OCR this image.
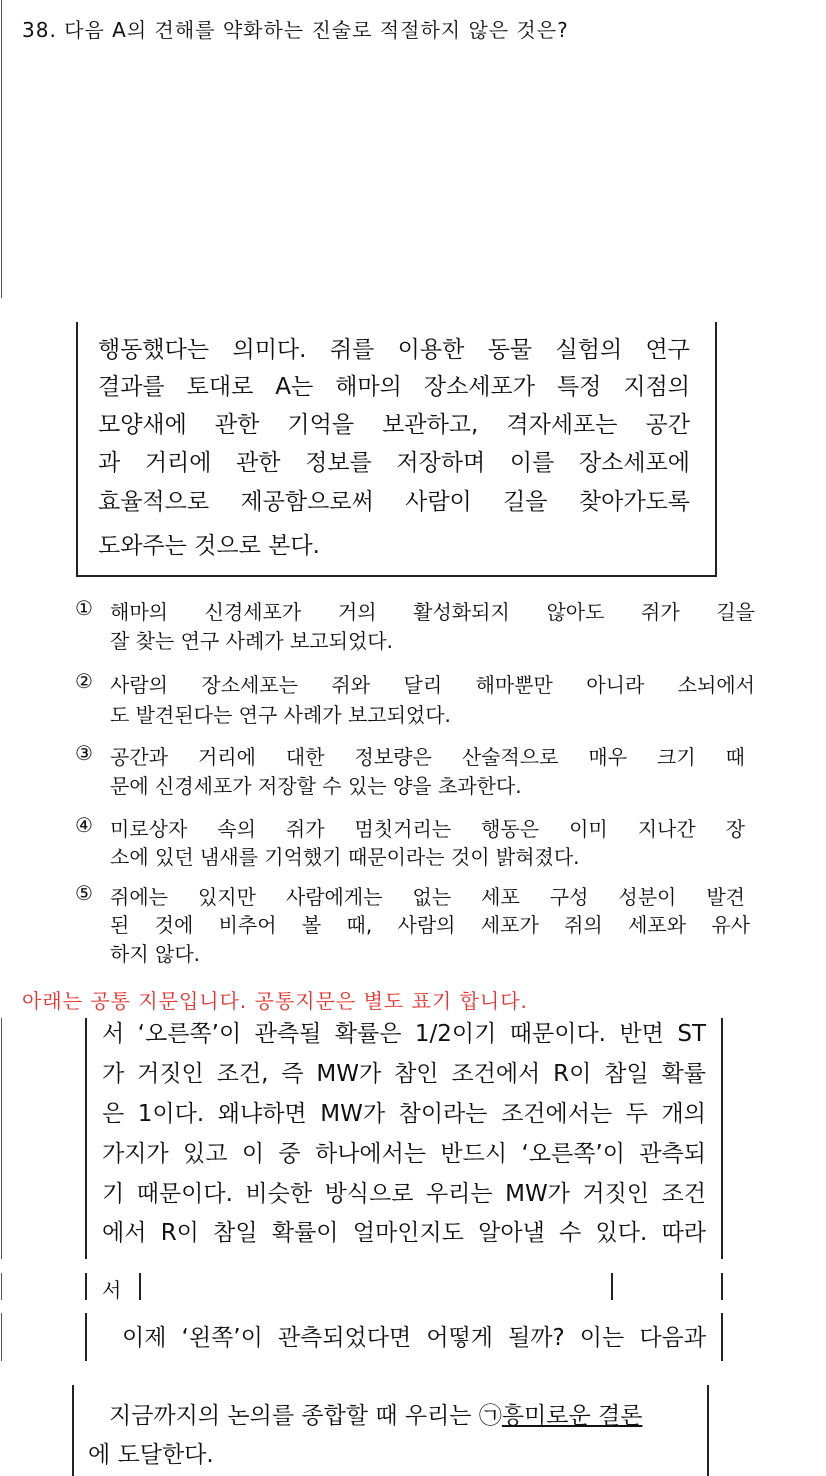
38. 다음 A의 견해를 약화하는 진술로 적절하지 않은 것은?
행동했다는 의미다. 쥐를 이용한 동물 실험의 연구
결과를 토대로 A는 해마의 장소세포가 특정 지점의
모양새에 관한 기억을 보관하고, 격자세포는 공간
과 거리에 관한 정보를 저장하며 이를 장소세포에
효율적으로 제공함으로써 사람이 길을 찾아가도록
도와주는 것으로 본다.
① 해마의 신경세포가 거의 활성화되지 않아도 쥐가 길을
잘 찾는 연구 사례가 보고되었다.
② 사람의 장소세포는 쥐와 달리 해마뿐만 아니라 소뇌에서
도 발견된다는 연구 사례가 보고되었다.
③ 공간과 거리에 대한 정보량은 산술적으로 매우 크기 때
문에 신경세포가 저장할 수 있는 양을 초과한다.
④ 미로상자 속의 쥐가 멈칫거리는 행동은 이미 지나간 장
소에 있던 냄새를 기억했기 때문이라는 것이 밝혀졌다.
⑤ 쥐에는 있지만 사람에게는 없는 세포 구성 성분이 발견
된 것에 비추어 볼 때, 사람의 세포가 쥐의 세포와 유사
하지 않다.
아래는 공통 지문입니다. 공통지문은 별도 표기 합니다.
서 ‘오른쪽’이 관측될 확률은 1/2이기 때문이다. 반면 ST
가 거짓인 조건, 즉 MW가 참인 조건에서 R이 참일 확률
은 1이다. 왜냐하면 MW가 참이라는 조건에서는 두 개의
가지가 있고 이 중 하나에서는 반드시 ‘오른쪽’이 관측되
기 때문이다. 비슷한 방식으로 우리는 MW가 거짓인 조건
에서 R이 참일 확률이 얼마인지도 알아낼 수 있다. 따라
서
이제 ‘왼쪽’이 관측되었다면 어떻게 될까? 이는 다음과
지금까지의 논의를 종합할 때 우리는 ㉠흥미로운 결론
에 도달한다.
